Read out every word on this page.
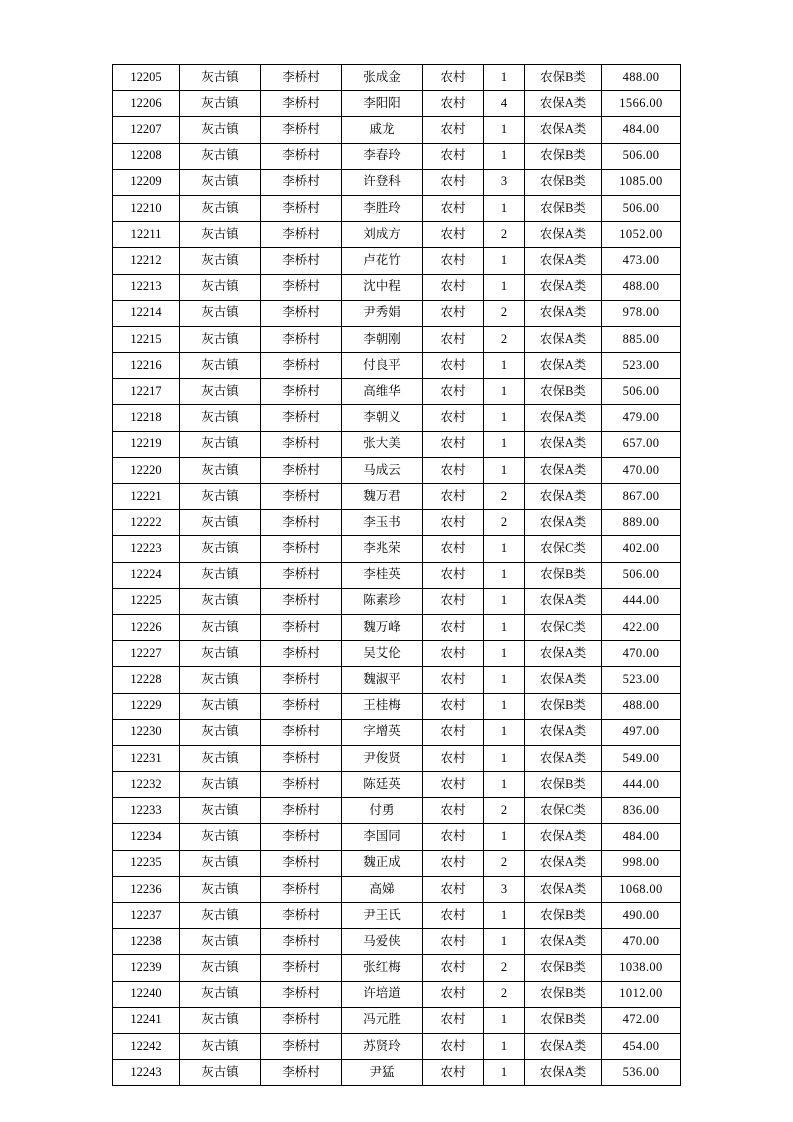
12205	灰古镇	李桥村	张成金	农村	1	农保B类	488.00
12206	灰古镇	李桥村	李阳阳	农村	4	农保A类	1566.00
12207	灰古镇	李桥村	戚龙	农村	1	农保A类	484.00
12208	灰古镇	李桥村	李春玲	农村	1	农保B类	506.00
12209	灰古镇	李桥村	许登科	农村	3	农保B类	1085.00
12210	灰古镇	李桥村	李胜玲	农村	1	农保B类	506.00
12211	灰古镇	李桥村	刘成方	农村	2	农保A类	1052.00
12212	灰古镇	李桥村	卢花竹	农村	1	农保A类	473.00
12213	灰古镇	李桥村	沈中程	农村	1	农保A类	488.00
12214	灰古镇	李桥村	尹秀娟	农村	2	农保A类	978.00
12215	灰古镇	李桥村	李朝刚	农村	2	农保A类	885.00
12216	灰古镇	李桥村	付良平	农村	1	农保A类	523.00
12217	灰古镇	李桥村	高维华	农村	1	农保B类	506.00
12218	灰古镇	李桥村	李朝义	农村	1	农保A类	479.00
12219	灰古镇	李桥村	张大美	农村	1	农保A类	657.00
12220	灰古镇	李桥村	马成云	农村	1	农保A类	470.00
12221	灰古镇	李桥村	魏万君	农村	2	农保A类	867.00
12222	灰古镇	李桥村	李玉书	农村	2	农保A类	889.00
12223	灰古镇	李桥村	李兆荣	农村	1	农保C类	402.00
12224	灰古镇	李桥村	李桂英	农村	1	农保B类	506.00
12225	灰古镇	李桥村	陈素珍	农村	1	农保A类	444.00
12226	灰古镇	李桥村	魏万峰	农村	1	农保C类	422.00
12227	灰古镇	李桥村	吴艾伦	农村	1	农保A类	470.00
12228	灰古镇	李桥村	魏淑平	农村	1	农保A类	523.00
12229	灰古镇	李桥村	王桂梅	农村	1	农保B类	488.00
12230	灰古镇	李桥村	字增英	农村	1	农保A类	497.00
12231	灰古镇	李桥村	尹俊贤	农村	1	农保A类	549.00
12232	灰古镇	李桥村	陈廷英	农村	1	农保B类	444.00
12233	灰古镇	李桥村	付勇	农村	2	农保C类	836.00
12234	灰古镇	李桥村	李国同	农村	1	农保A类	484.00
12235	灰古镇	李桥村	魏正成	农村	2	农保A类	998.00
12236	灰古镇	李桥村	高娣	农村	3	农保A类	1068.00
12237	灰古镇	李桥村	尹王氏	农村	1	农保B类	490.00
12238	灰古镇	李桥村	马爱侠	农村	1	农保A类	470.00
12239	灰古镇	李桥村	张红梅	农村	2	农保B类	1038.00
12240	灰古镇	李桥村	许培道	农村	2	农保B类	1012.00
12241	灰古镇	李桥村	冯元胜	农村	1	农保B类	472.00
12242	灰古镇	李桥村	苏贤玲	农村	1	农保A类	454.00
12243	灰古镇	李桥村	尹猛	农村	1	农保A类	536.00
